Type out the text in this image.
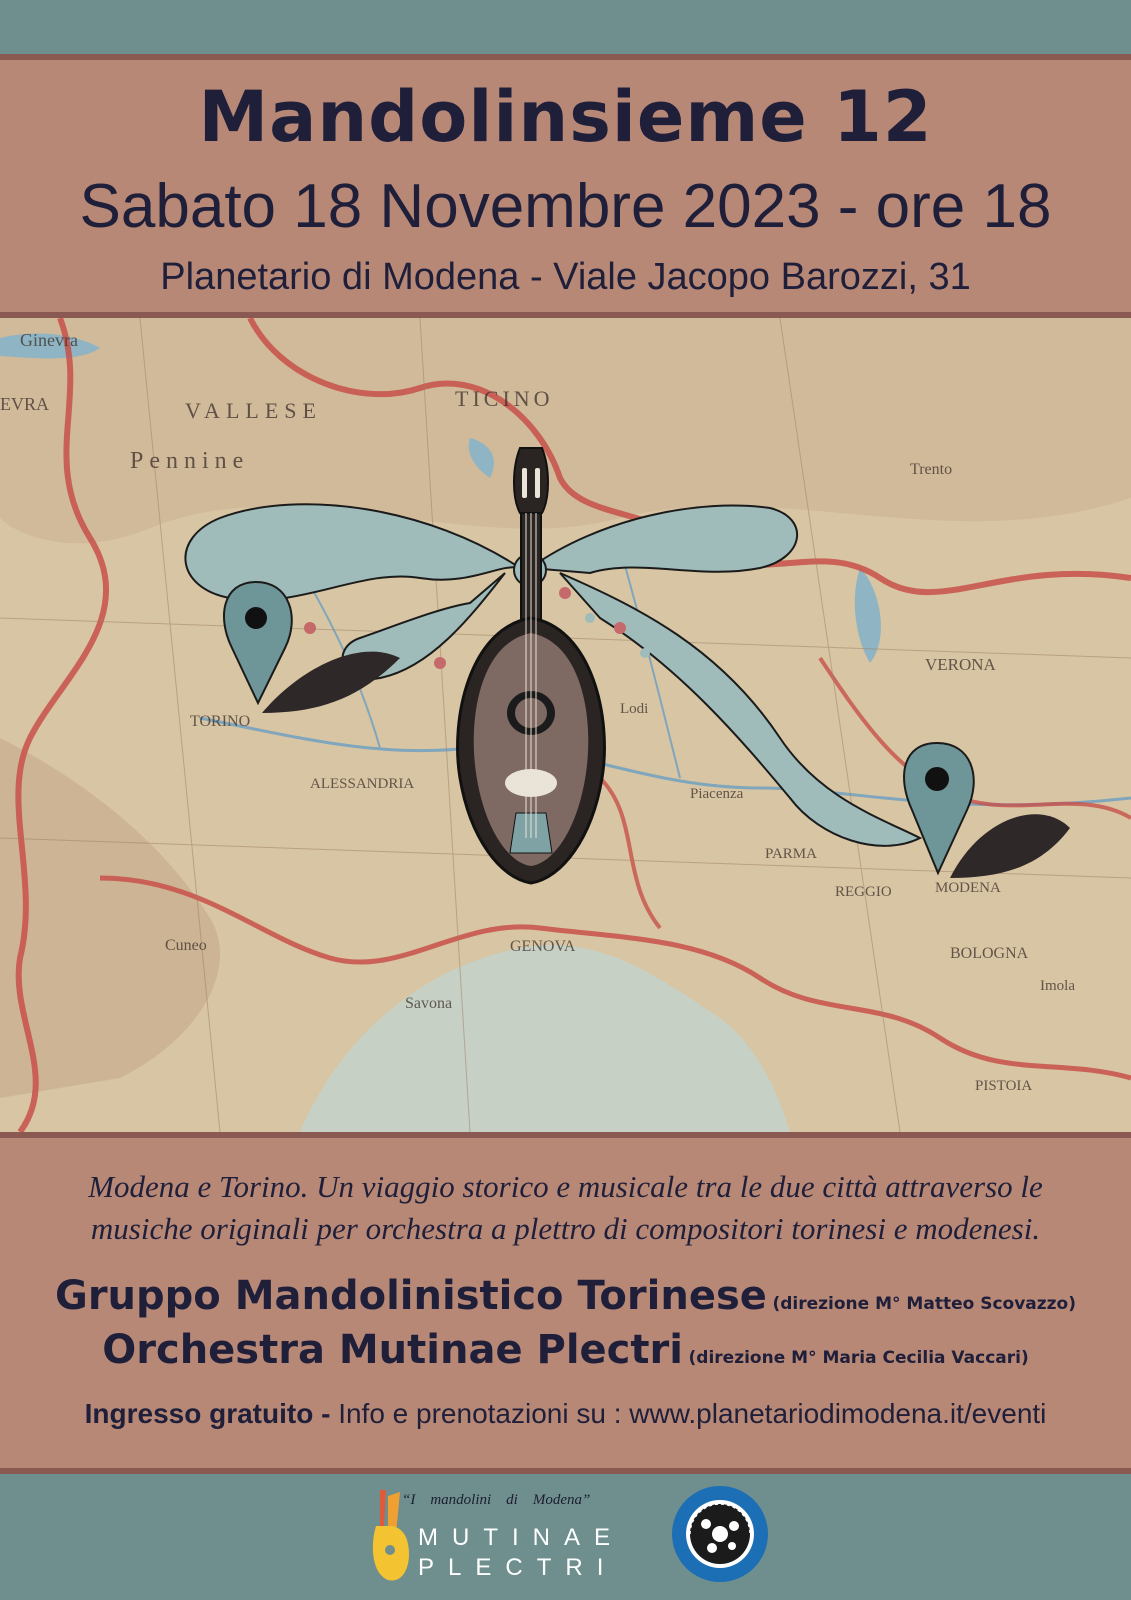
Mandolinsieme 12
Sabato 18 Novembre 2023 - ore 18
Planetario di Modena - Viale Jacopo Barozzi, 31
Ginevra
EVRA	TICINO
VALLESE
Pennine
TORINO
ALESSANDRIA
Cuneo	GENOVA
Savona
MODENA
VERONA
BOLOGNA
Trento
REGGIO
PARMA
Piacenza
Lodi
Imola
PISTOIA
Modena e Torino. Un viaggio storico e musicale tra le due città attraverso le
musiche originali per orchestra a plettro di compositori torinesi e modenesi.
Gruppo Mandolinistico Torinese (direzione M° Matteo Scovazzo)
Orchestra Mutinae Plectri (direzione M° Maria Cecilia Vaccari)
Ingresso gratuito - Info e prenotazioni su : www.planetariodimodena.it/eventi
“I    mandolini    di    Modena”
MUTINAE
PLECTRI
